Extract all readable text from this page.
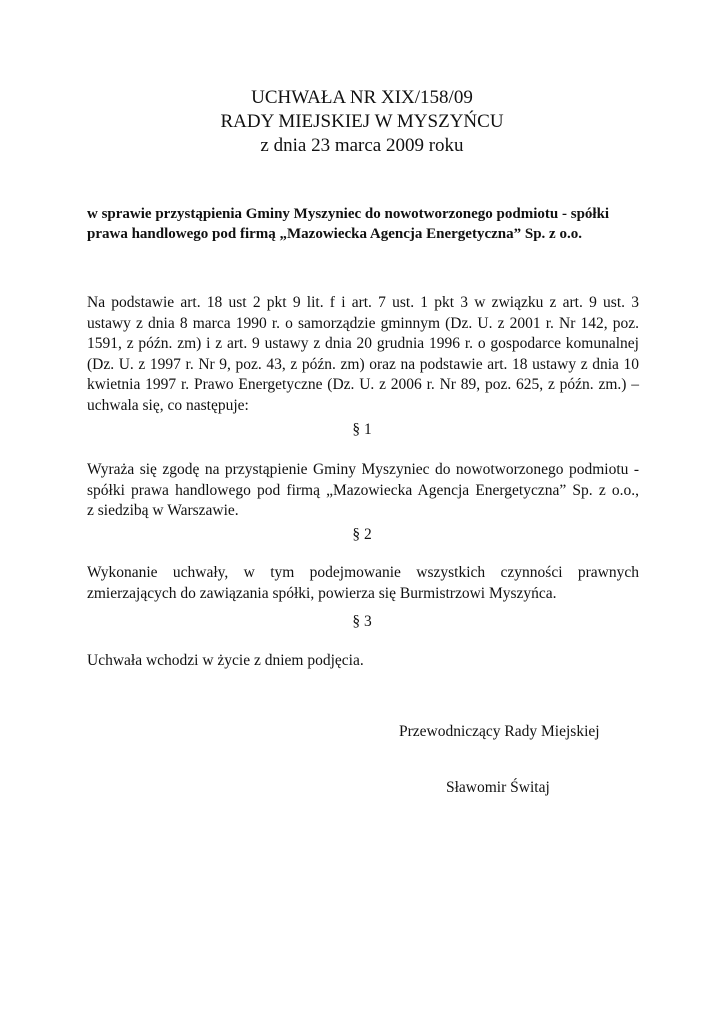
UCHWAŁA NR XIX/158/09
RADY MIEJSKIEJ W MYSZYŃCU
z dnia 23 marca 2009 roku
w sprawie przystąpienia Gminy Myszyniec do nowotworzonego podmiotu - spółki
prawa handlowego pod firmą „Mazowiecka Agencja Energetyczna” Sp. z o.o.
Na podstawie art. 18 ust 2 pkt 9 lit. f i art. 7 ust. 1 pkt 3 w związku z art. 9 ust. 3
ustawy z dnia 8 marca 1990 r. o samorządzie gminnym (Dz. U. z 2001 r. Nr 142, poz.
1591, z późn. zm) i z art. 9 ustawy z dnia 20 grudnia 1996 r. o gospodarce komunalnej
(Dz. U. z 1997 r. Nr 9, poz. 43, z późn. zm) oraz na podstawie art. 18 ustawy z dnia 10
kwietnia 1997 r. Prawo Energetyczne (Dz. U. z 2006 r. Nr 89, poz. 625, z późn. zm.) –
uchwala się, co następuje:
§ 1
Wyraża się zgodę na przystąpienie Gminy Myszyniec do nowotworzonego podmiotu -
spółki prawa handlowego pod firmą „Mazowiecka Agencja Energetyczna” Sp. z o.o.,
z siedzibą w Warszawie.
§ 2
Wykonanie uchwały, w tym podejmowanie wszystkich czynności prawnych
zmierzających do zawiązania spółki, powierza się Burmistrzowi Myszyńca.
§ 3
Uchwała wchodzi w życie z dniem podjęcia.
Przewodniczący Rady Miejskiej
Sławomir Świtaj
